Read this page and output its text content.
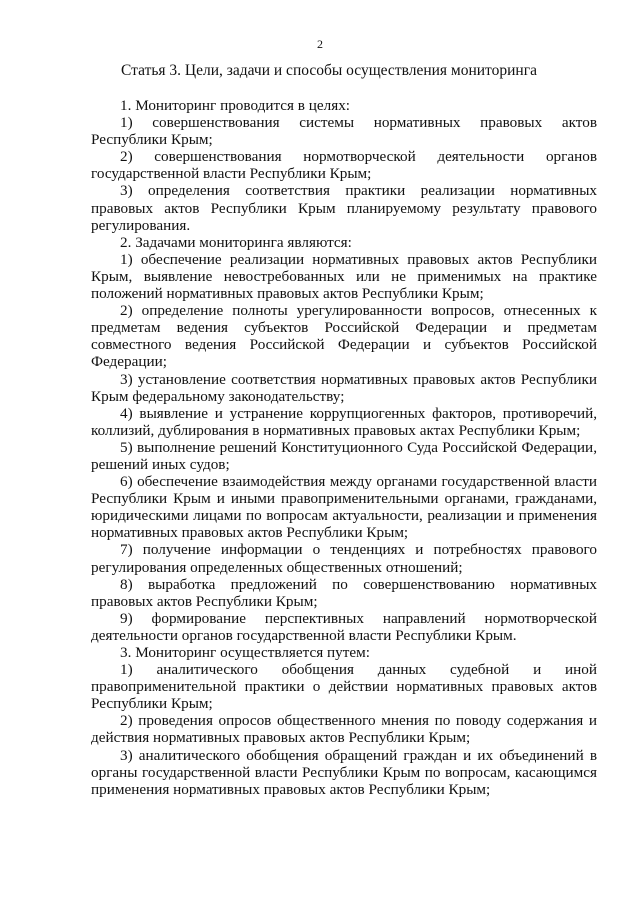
2
Статья 3. Цели, задачи и способы осуществления мониторинга

1. Мониторинг проводится в целях:

1) совершенствования системы нормативных правовых актов Республики Крым;

2) совершенствования нормотворческой деятельности органов государственной власти Республики Крым;

3) определения соответствия практики реализации нормативных правовых актов Республики Крым планируемому результату правового регулирования.

2. Задачами мониторинга являются:

1) обеспечение реализации нормативных правовых актов Республики Крым, выявление невостребованных или не применимых на практике положений нормативных правовых актов Республики Крым;

2) определение полноты урегулированности вопросов, отнесенных к предметам ведения субъектов Российской Федерации и предметам совместного ведения Российской Федерации и субъектов Российской Федерации;

3) установление соответствия нормативных правовых актов Республики Крым федеральному законодательству;

4) выявление и устранение коррупциогенных факторов, противоречий, коллизий, дублирования в нормативных правовых актах Республики Крым;

5) выполнение решений Конституционного Суда Российской Федерации, решений иных судов;

6) обеспечение взаимодействия между органами государственной власти Республики Крым и иными правоприменительными органами, гражданами, юридическими лицами по вопросам актуальности, реализации и применения нормативных правовых актов Республики Крым;

7) получение информации о тенденциях и потребностях правового регулирования определенных общественных отношений;

8) выработка предложений по совершенствованию нормативных правовых актов Республики Крым;

9) формирование перспективных направлений нормотворческой деятельности органов государственной власти Республики Крым.

3. Мониторинг осуществляется путем:

1) аналитического обобщения данных судебной и иной правоприменительной практики о действии нормативных правовых актов Республики Крым;

2) проведения опросов общественного мнения по поводу содержания и действия нормативных правовых актов Республики Крым;

3) аналитического обобщения обращений граждан и их объединений в органы государственной власти Республики Крым по вопросам, касающимся применения нормативных правовых актов Республики Крым;
